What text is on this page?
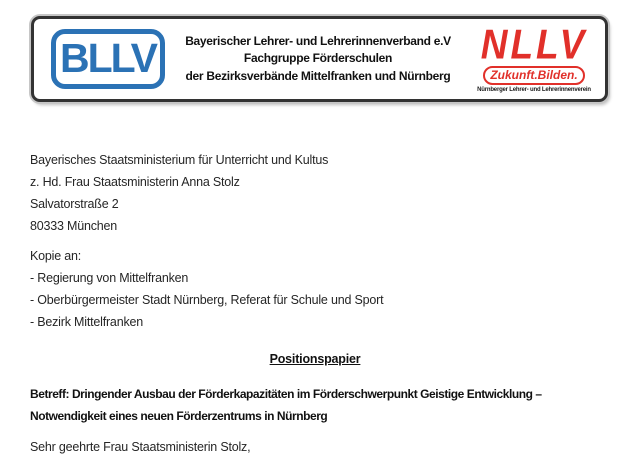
BLLV	Bayerischer Lehrer- und Lehrerinnenverband e.V
Fachgruppe Förderschulen
der Bezirksverbände Mittelfranken und Nürnberg
NLLV
Zukunft.Bilden.
Nürnberger Lehrer- und Lehrerinnenverein
Bayerisches Staatsministerium für Unterricht und Kultus
z. Hd. Frau Staatsministerin Anna Stolz
Salvatorstraße 2
80333 München
Kopie an:
- Regierung von Mittelfranken
- Oberbürgermeister Stadt Nürnberg, Referat für Schule und Sport
- Bezirk Mittelfranken
Positionspapier
Betreff: Dringender Ausbau der Förderkapazitäten im Förderschwerpunkt Geistige Entwicklung –
Notwendigkeit eines neuen Förderzentrums in Nürnberg
Sehr geehrte Frau Staatsministerin Stolz,
